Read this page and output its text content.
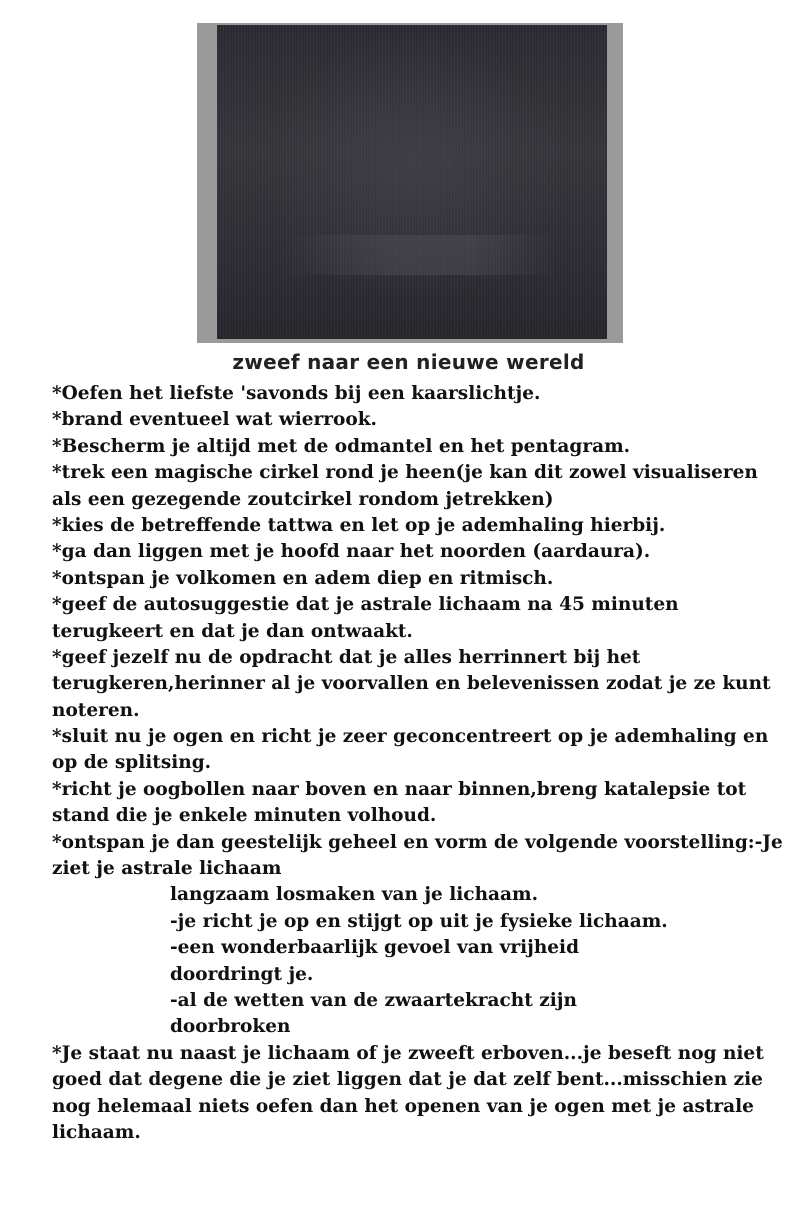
zweef naar een nieuwe wereld
*Oefen het liefste 'savonds bij een kaarslichtje.
*brand eventueel wat wierrook.
*Bescherm je altijd met de odmantel en het pentagram.
*trek een magische cirkel rond je heen(je kan dit zowel visualiseren
als een gezegende zoutcirkel rondom jetrekken)
*kies de betreffende tattwa en let op je ademhaling hierbij.
*ga dan liggen met je hoofd naar het noorden (aardaura).
*ontspan je volkomen en adem diep en ritmisch.
*geef de autosuggestie dat je astrale lichaam na 45 minuten
terugkeert en dat je dan ontwaakt.
*geef jezelf nu de opdracht dat je alles herrinnert bij het
terugkeren,herinner al je voorvallen en belevenissen zodat je ze kunt
noteren.
*sluit nu je ogen en richt je zeer geconcentreert op je ademhaling en
op de splitsing.
*richt je oogbollen naar boven en naar binnen,breng katalepsie tot
stand die je enkele minuten volhoud.
*ontspan je dan geestelijk geheel en vorm de volgende voorstelling:-Je
ziet je astrale lichaam
langzaam losmaken van je lichaam.
-je richt je op en stijgt op uit je fysieke lichaam.
-een wonderbaarlijk gevoel van vrijheid
doordringt je.
-al de wetten van de zwaartekracht zijn
doorbroken
*Je staat nu naast je lichaam of je zweeft erboven...je beseft nog niet
goed dat degene die je ziet liggen dat je dat zelf bent...misschien zie
nog helemaal niets oefen dan het openen van je ogen met je astrale
lichaam.
